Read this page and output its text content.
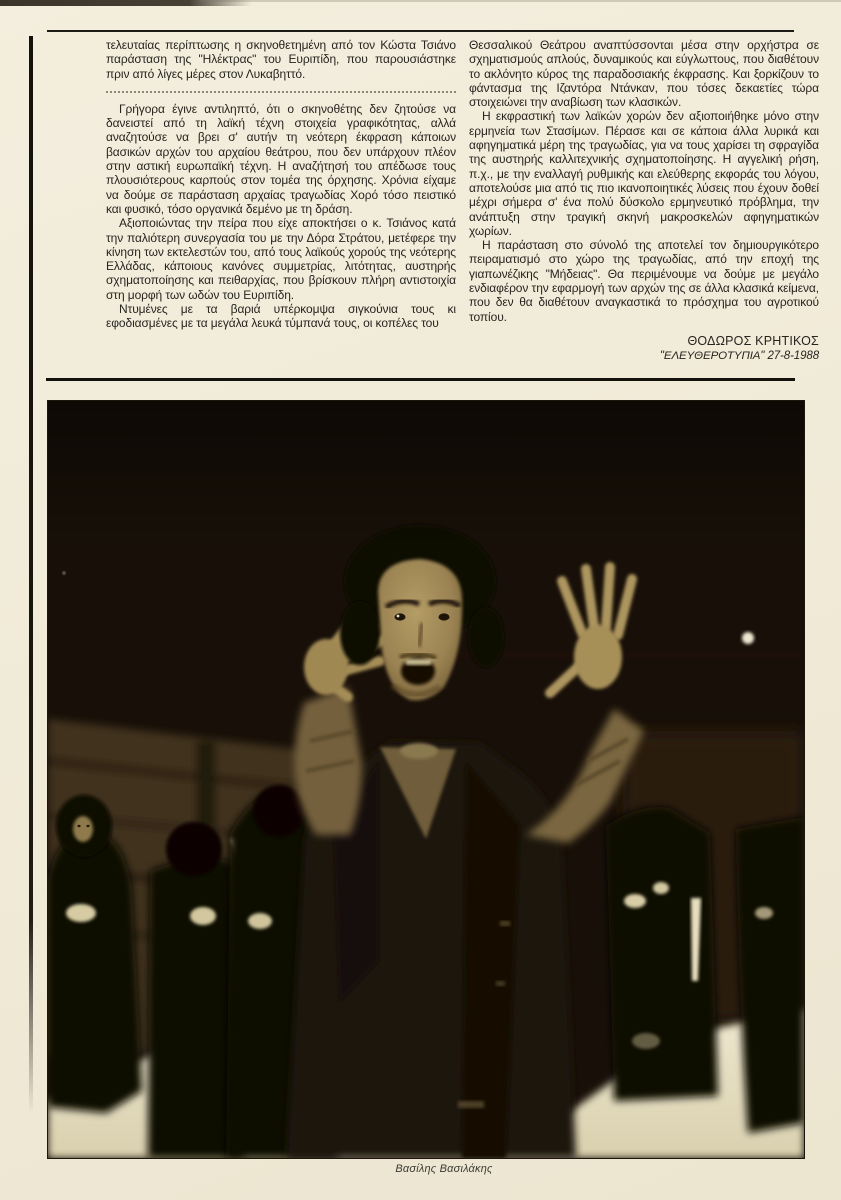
τελευταίας περίπτωσης η σκηνοθετημένη από τον Κώστα Τσιάνο παράσταση της "Ηλέκτρας" του Ευριπίδη, που παρουσιάστηκε πριν από λίγες μέρες στον Λυκαβηττό.

Γρήγορα έγινε αντιληπτό, ότι ο σκηνοθέτης δεν ζητούσε να δανειστεί από τη λαϊκή τέχνη στοιχεία γραφικότητας, αλλά αναζητούσε να βρει σ' αυτήν τη νεότερη έκφραση κάποιων βασικών αρχών του αρχαίου θεάτρου, που δεν υπάρχουν πλέον στην αστική ευρωπαϊκή τέχνη. Η αναζήτησή του απέδωσε τους πλουσιότερους καρπούς στον τομέα της όρχησης. Χρόνια είχαμε να δούμε σε παράσταση αρχαίας τραγωδίας Χορό τόσο πειστικό και φυσικό, τόσο οργανικά δεμένο με τη δράση.

Αξιοποιώντας την πείρα που είχε αποκτήσει ο κ. Τσιάνος κατά την παλιότερη συνεργασία του με την Δόρα Στράτου, μετέφερε την κίνηση των εκτελεστών του, από τους λαϊκούς χορούς της νεότερης Ελλάδας, κάποιους κανόνες συμμετρίας, λιτότητας, αυστηρής σχηματοποίησης και πειθαρχίας, που βρίσκουν πλήρη αντιστοιχία στη μορφή των ωδών του Ευριπίδη.

Ντυμένες με τα βαριά υπέρκομψα σιγκούνια τους κι εφοδιασμένες με τα μεγάλα λευκά τύμπανά τους, οι κοπέλες του

Θεσσαλικού Θεάτρου αναπτύσσονται μέσα στην ορχήστρα σε σχηματισμούς απλούς, δυναμικούς και εύγλωττους, που διαθέτουν το ακλόνητο κύρος της παραδοσιακής έκφρασης. Και ξορκίζουν το φάντασμα της Ιζαντόρα Ντάνκαν, που τόσες δεκαετίες τώρα στοιχειώνει την αναβίωση των κλασικών.

Η εκφραστική των λαϊκών χορών δεν αξιοποιήθηκε μόνο στην ερμηνεία των Στασίμων. Πέρασε και σε κάποια άλλα λυρικά και αφηγηματικά μέρη της τραγωδίας, για να τους χαρίσει τη σφραγίδα της αυστηρής καλλιτεχνικής σχηματοποίησης. Η αγγελική ρήση, π.χ., με την εναλλαγή ρυθμικής και ελεύθερης εκφοράς του λόγου, αποτελούσε μια από τις πιο ικανοποιητικές λύσεις που έχουν δοθεί μέχρι σήμερα σ' ένα πολύ δύσκολο ερμηνευτικό πρόβλημα, την ανάπτυξη στην τραγική σκηνή μακροσκελών αφηγηματικών χωρίων.

Η παράσταση στο σύνολό της αποτελεί τον δημιουργικότερο πειραματισμό στο χώρο της τραγωδίας, από την εποχή της γιαπωνέζικης "Μήδειας". Θα περιμένουμε να δούμε με μεγάλο ενδιαφέρον την εφαρμογή των αρχών της σε άλλα κλασικά κείμενα, που δεν θα διαθέτουν αναγκαστικά το πρόσχημα του αγροτικού τοπίου.

ΘΟΔΩΡΟΣ ΚΡΗΤΙΚΟΣ
"ΕΛΕΥΘΕΡΟΤΥΠΙΑ" 27-8-1988
Βασίλης Βασιλάκης
